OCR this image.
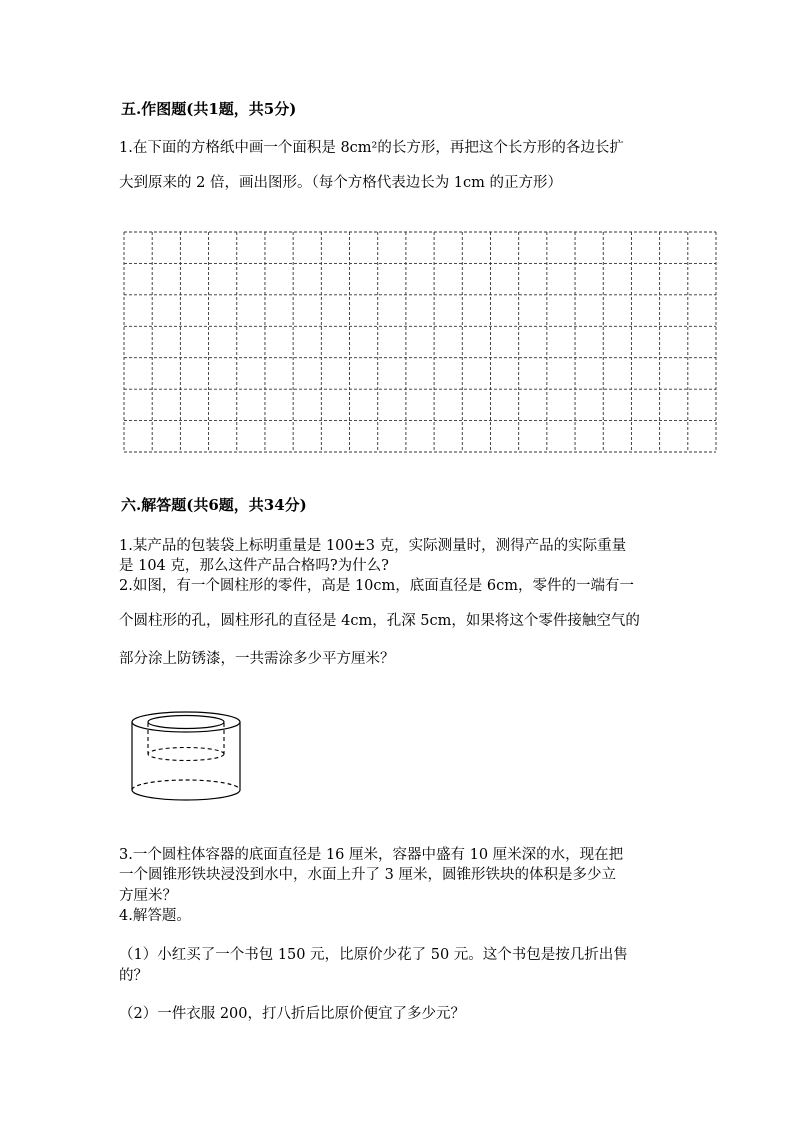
五.作图题(共1题，共5分)
1.在下面的方格纸中画一个面积是 8cm²的长方形，再把这个长方形的各边长扩
大到原来的 2 倍，画出图形。（每个方格代表边长为 1cm 的正方形）
六.解答题(共6题，共34分)
1.某产品的包装袋上标明重量是 100±3 克，实际测量时，测得产品的实际重量
是 104 克，那么这件产品合格吗?为什么?
2.如图，有一个圆柱形的零件，高是 10cm，底面直径是 6cm，零件的一端有一
个圆柱形的孔，圆柱形孔的直径是 4cm，孔深 5cm，如果将这个零件接触空气的
部分涂上防锈漆，一共需涂多少平方厘米？
3.一个圆柱体容器的底面直径是 16 厘米，容器中盛有 10 厘米深的水，现在把
一个圆锥形铁块浸没到水中，水面上升了 3 厘米，圆锥形铁块的体积是多少立
方厘米？
4.解答题。
（1）小红买了一个书包 150 元，比原价少花了 50 元。这个书包是按几折出售
的？
（2）一件衣服 200，打八折后比原价便宜了多少元？
